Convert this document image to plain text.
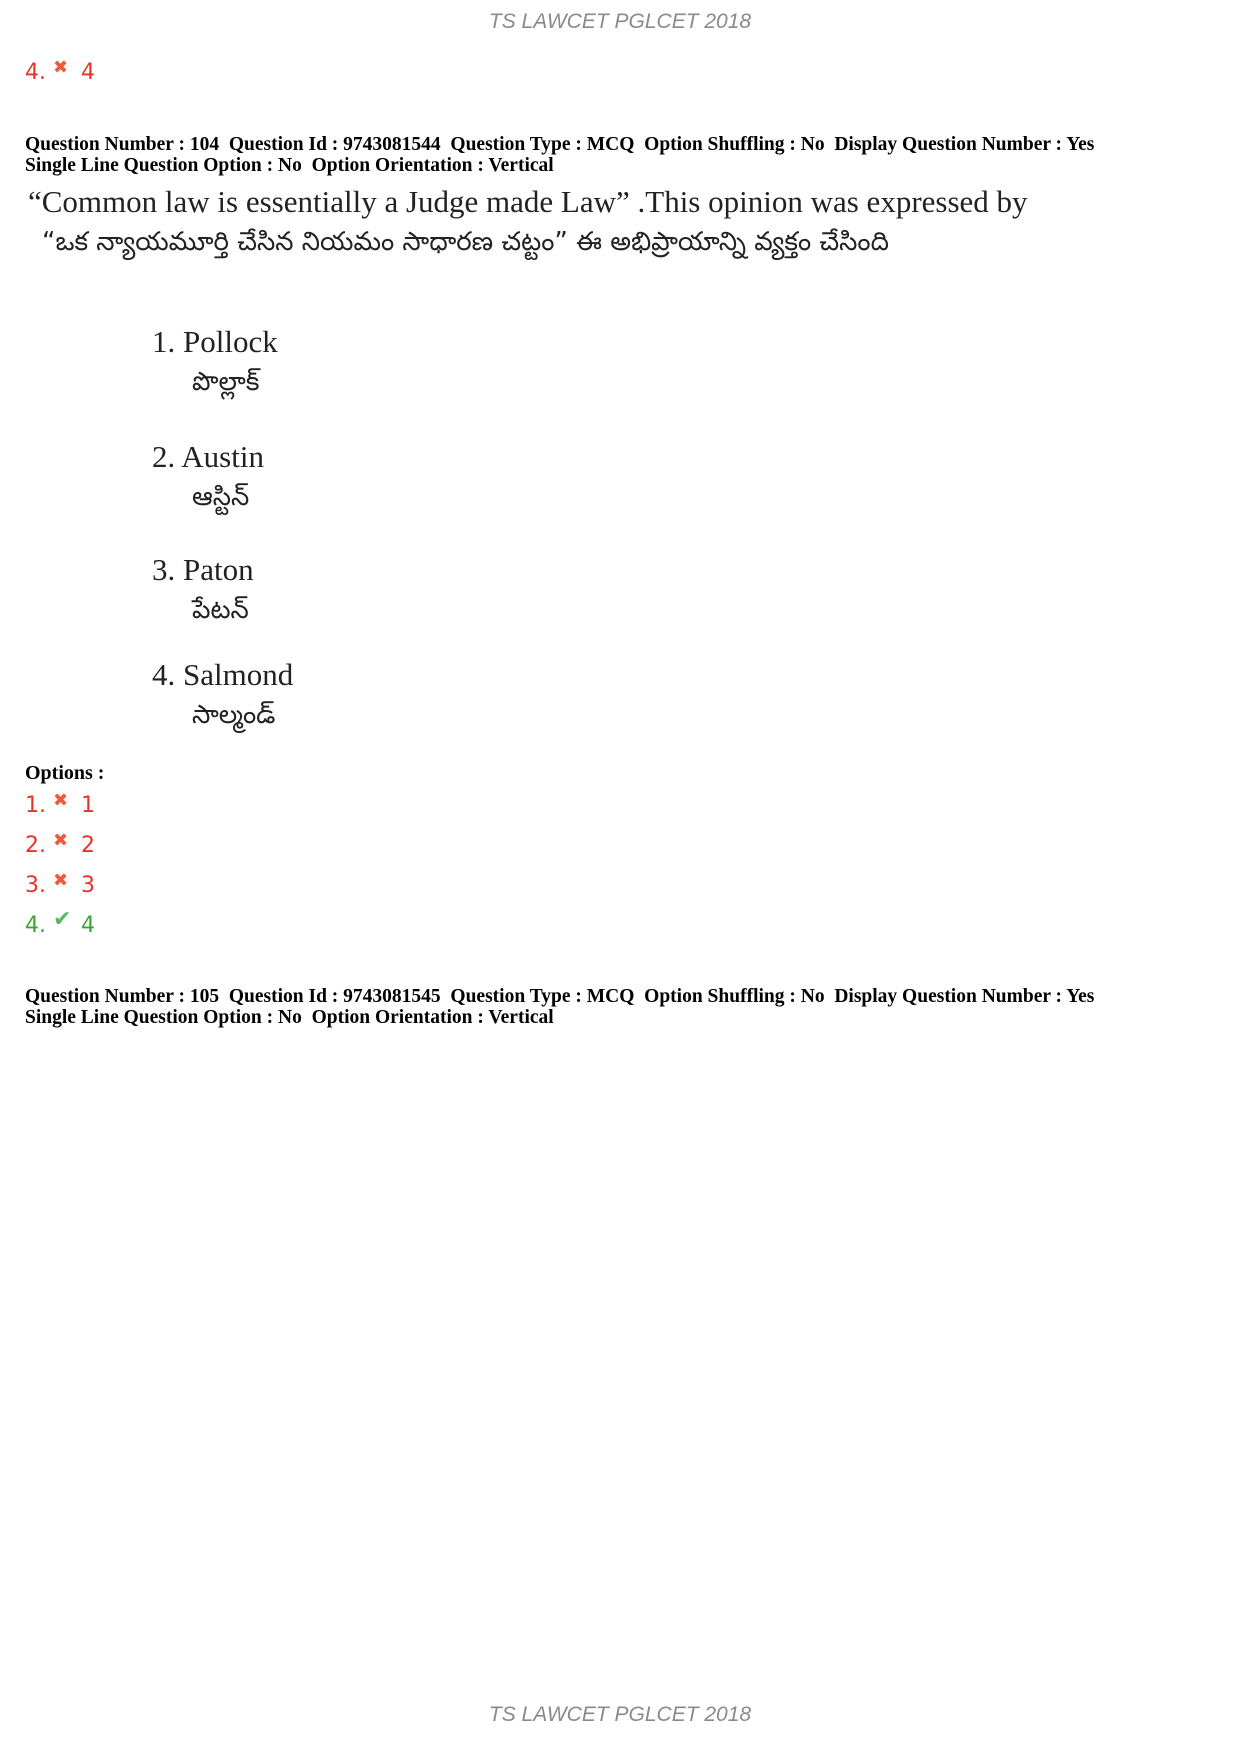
TS LAWCET PGLCET 2018
4. ✖ 4
Question Number : 104  Question Id : 9743081544  Question Type : MCQ  Option Shuffling : No  Display Question Number : Yes
Single Line Question Option : No  Option Orientation : Vertical
“Common law is essentially a Judge made Law” .This opinion was expressed by
“ఒక న్యాయమూర్తి చేసిన నియమం సాధారణ చట్టం” ఈ అభిప్రాయాన్ని వ్యక్తం చేసింది
1. Pollock
పొల్లాక్
2. Austin
ఆస్టిన్
3. Paton
పేటన్
4. Salmond
సాల్మండ్
Options :
1. ✖ 1
2. ✖ 2
3. ✖ 3
4. ✔ 4
Question Number : 105  Question Id : 9743081545  Question Type : MCQ  Option Shuffling : No  Display Question Number : Yes
Single Line Question Option : No  Option Orientation : Vertical
TS LAWCET PGLCET 2018
